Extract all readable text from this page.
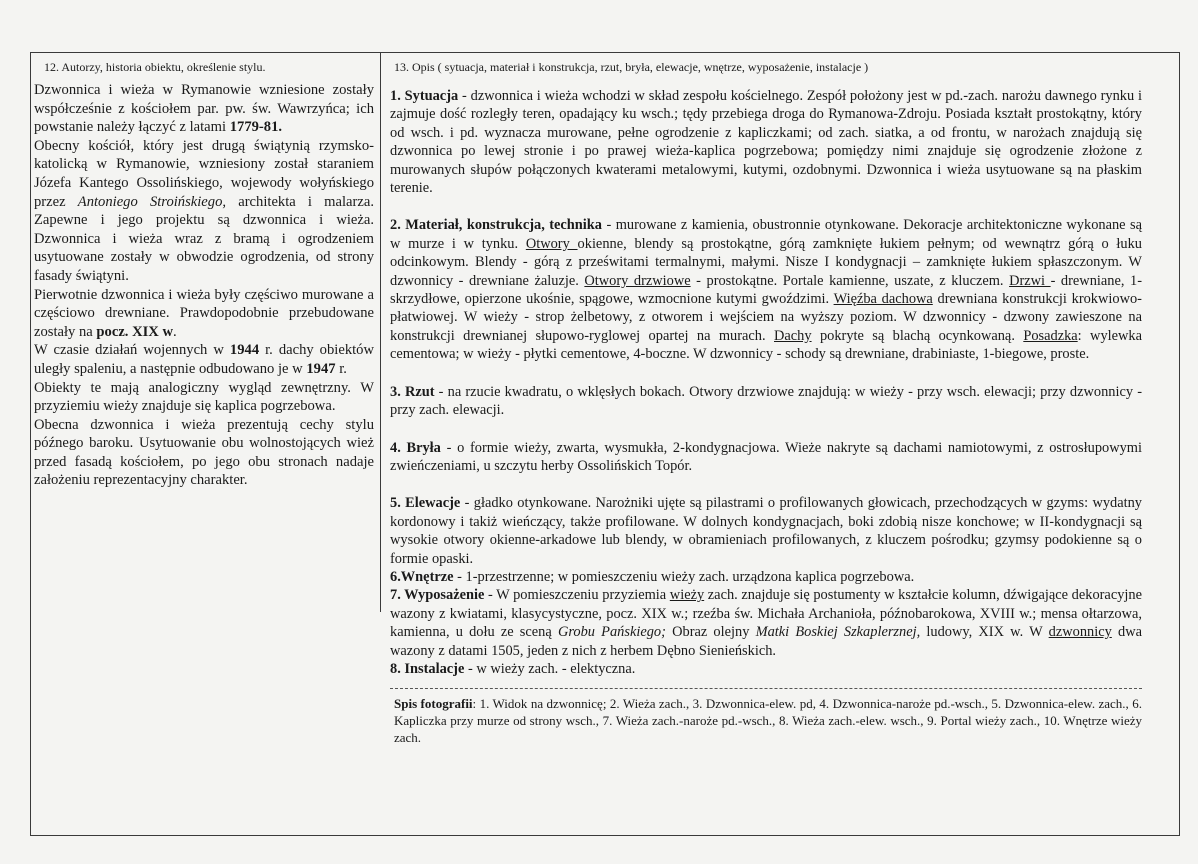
12. Autorzy, historia obiektu, określenie stylu.

Dzwonnica i wieża w Rymanowie wzniesione zostały współcześnie z kościołem par. pw. św. Wawrzyńca; ich powstanie należy łączyć z latami 1779-81.

Obecny kościół, który jest drugą świątynią rzymsko-katolicką w Rymanowie, wzniesiony został staraniem Józefa Kantego Ossolińskiego, wojewody wołyńskiego przez Antoniego Stroińskiego, architekta i malarza. Zapewne i jego projektu są dzwonnica i wieża. Dzwonnica i wieża wraz z bramą i ogrodzeniem usytuowane zostały w obwodzie ogrodzenia, od strony fasady świątyni.

Pierwotnie dzwonnica i wieża były częściwo murowane a częściowo drewniane. Prawdopodobnie przebudowane zostały na pocz. XIX w.

W czasie działań wojennych w 1944 r. dachy obiektów uległy spaleniu, a następnie odbudowano je w 1947 r.

Obiekty te mają analogiczny wygląd zewnętrzny. W przyziemiu wieży znajduje się kaplica pogrzebowa.

Obecna dzwonnica i wieża prezentują cechy stylu późnego baroku. Usytuowanie obu wolnostojących wież przed fasadą kościołem, po jego obu stronach nadaje założeniu reprezentacyjny charakter.

13. Opis ( sytuacja, materiał i konstrukcja, rzut, bryła, elewacje, wnętrze, wyposażenie, instalacje )

1. Sytuacja - dzwonnica i wieża wchodzi w skład zespołu kościelnego. Zespół położony jest w pd.-zach. narożu dawnego rynku i zajmuje dość rozległy teren, opadający ku wsch.; tędy przebiega droga do Rymanowa-Zdroju. Posiada kształt prostokątny, który od wsch. i pd. wyznacza murowane, pełne ogrodzenie z kapliczkami; od zach. siatka, a od frontu, w narożach znajdują się dzwonnica po lewej stronie i po prawej wieża-kaplica pogrzebowa; pomiędzy nimi znajduje się ogrodzenie złożone z murowanych słupów połączonych kwaterami metalowymi, kutymi, ozdobnymi. Dzwonnica i wieża usytuowane są na płaskim terenie.

2. Materiał, konstrukcja, technika - murowane z kamienia, obustronnie otynkowane. Dekoracje architektoniczne wykonane są w murze i w tynku. Otwory okienne, blendy są prostokątne, górą zamknięte łukiem pełnym; od wewnątrz górą o łuku odcinkowym. Blendy - górą z prześwitami termalnymi, małymi. Nisze I kondygnacji – zamknięte łukiem spłaszczonym. W dzwonnicy - drewniane żaluzje. Otwory drzwiowe - prostokątne. Portale kamienne, uszate, z kluczem. Drzwi - drewniane, 1-skrzydłowe, opierzone ukośnie, spągowe, wzmocnione kutymi gwoździmi. Więźba dachowa drewniana konstrukcji krokwiowo-płatwiowej. W wieży - strop żelbetowy, z otworem i wejściem na wyższy poziom. W dzwonnicy - dzwony zawieszone na konstrukcji drewnianej słupowo-ryglowej opartej na murach. Dachy pokryte są blachą ocynkowaną. Posadzka: wylewka cementowa; w wieży - płytki cementowe, 4-boczne. W dzwonnicy - schody są drewniane, drabiniaste, 1-biegowe, proste.

3. Rzut - na rzucie kwadratu, o wklęsłych bokach. Otwory drzwiowe znajdują: w wieży - przy wsch. elewacji; przy dzwonnicy - przy zach. elewacji.

4. Bryła - o formie wieży, zwarta, wysmukła, 2-kondygnacjowa. Wieże nakryte są dachami namiotowymi, z ostrosłupowymi zwieńczeniami, u szczytu herby Ossolińskich Topór.

5. Elewacje - gładko otynkowane. Narożniki ujęte są pilastrami o profilowanych głowicach, przechodzących w gzyms: wydatny kordonowy i takiż wieńczący, także profilowane. W dolnych kondygnacjach, boki zdobią nisze konchowe; w II-kondygnacji są wysokie otwory okienne-arkadowe lub blendy, w obramieniach profilowanych, z kluczem pośrodku; gzymsy podokienne są o formie opaski.

6.Wnętrze - 1-przestrzenne; w pomieszczeniu wieży zach. urządzona kaplica pogrzebowa.

7. Wyposażenie - W pomieszczeniu przyziemia wieży zach. znajduje się postumenty w kształcie kolumn, dźwigające dekoracyjne wazony z kwiatami, klasycystyczne, pocz. XIX w.; rzeźba św. Michała Archanioła, późnobarokowa, XVIII w.; mensa ołtarzowa, kamienna, u dołu ze sceną Grobu Pańskiego; Obraz olejny Matki Boskiej Szkaplerznej, ludowy, XIX w. W dzwonnicy dwa wazony z datami 1505, jeden z nich z herbem Dębno Sienieńskich.

8. Instalacje - w wieży zach. - elektyczna.

Spis fotografii: 1. Widok na dzwonnicę; 2. Wieża zach., 3. Dzwonnica-elew. pd, 4. Dzwonnica-naroże pd.-wsch., 5. Dzwonnica-elew. zach., 6. Kapliczka przy murze od strony wsch., 7. Wieża zach.-naroże pd.-wsch., 8. Wieża zach.-elew. wsch., 9. Portal wieży zach., 10. Wnętrze wieży zach.
